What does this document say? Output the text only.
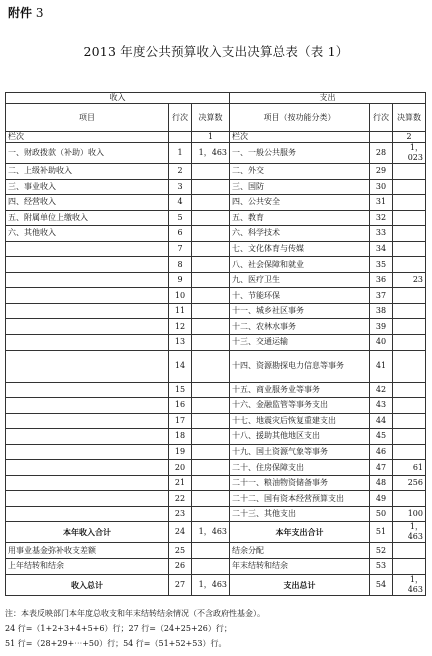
附件 3
2013 年度公共预算收入支出决算总表（表 1）
收入			支出		
项目	行次	决算数	项目（按功能分类）	行次	决算数
栏次		1	栏次		2
一、财政拨款（补助）收入	1	1，463	一、一般公共服务	28	1，023
二、上级补助收入	2		二、外交	29	
三、事业收入	3		三、国防	30	
四、经营收入	4		四、公共安全	31	
五、附属单位上缴收入	5		五、教育	32	
六、其他收入	6		六、科学技术	33	
	7		七、文化体育与传媒	34	
	8		八、社会保障和就业	35	
	9		九、医疗卫生	36	23
	10		十、节能环保	37	
	11		十一、城乡社区事务	38	
	12		十二、农林水事务	39	
	13		十三、交通运输	40	
	14		十四、资源勘探电力信息等事务	41	
	15		十五、商业服务业等事务	42	
	16		十六、金融监管等事务支出	43	
	17		十七、地震灾后恢复重建支出	44	
	18		十八、援助其他地区支出	45	
	19		十九、国土资源气象等事务	46	
	20		二十、住房保障支出	47	61
	21		二十一、粮油物资储备事务	48	256
	22		二十二、国有资本经营预算支出	49	
	23		二十三、其他支出	50	100
本年收入合计	24	1，463	本年支出合计	51	1，463
用事业基金弥补收支差额	25		结余分配	52	
上年结转和结余	26		年末结转和结余	53	
收入总计	27	1，463	支出总计	54	1，463
注：本表反映部门本年度总收支和年末结转结余情况（不含政府性基金）。
24 行=（1+2+3+4+5+6）行；27 行=（24+25+26）行；
51 行=（28+29+⋯+50）行；54 行=（51+52+53）行。
